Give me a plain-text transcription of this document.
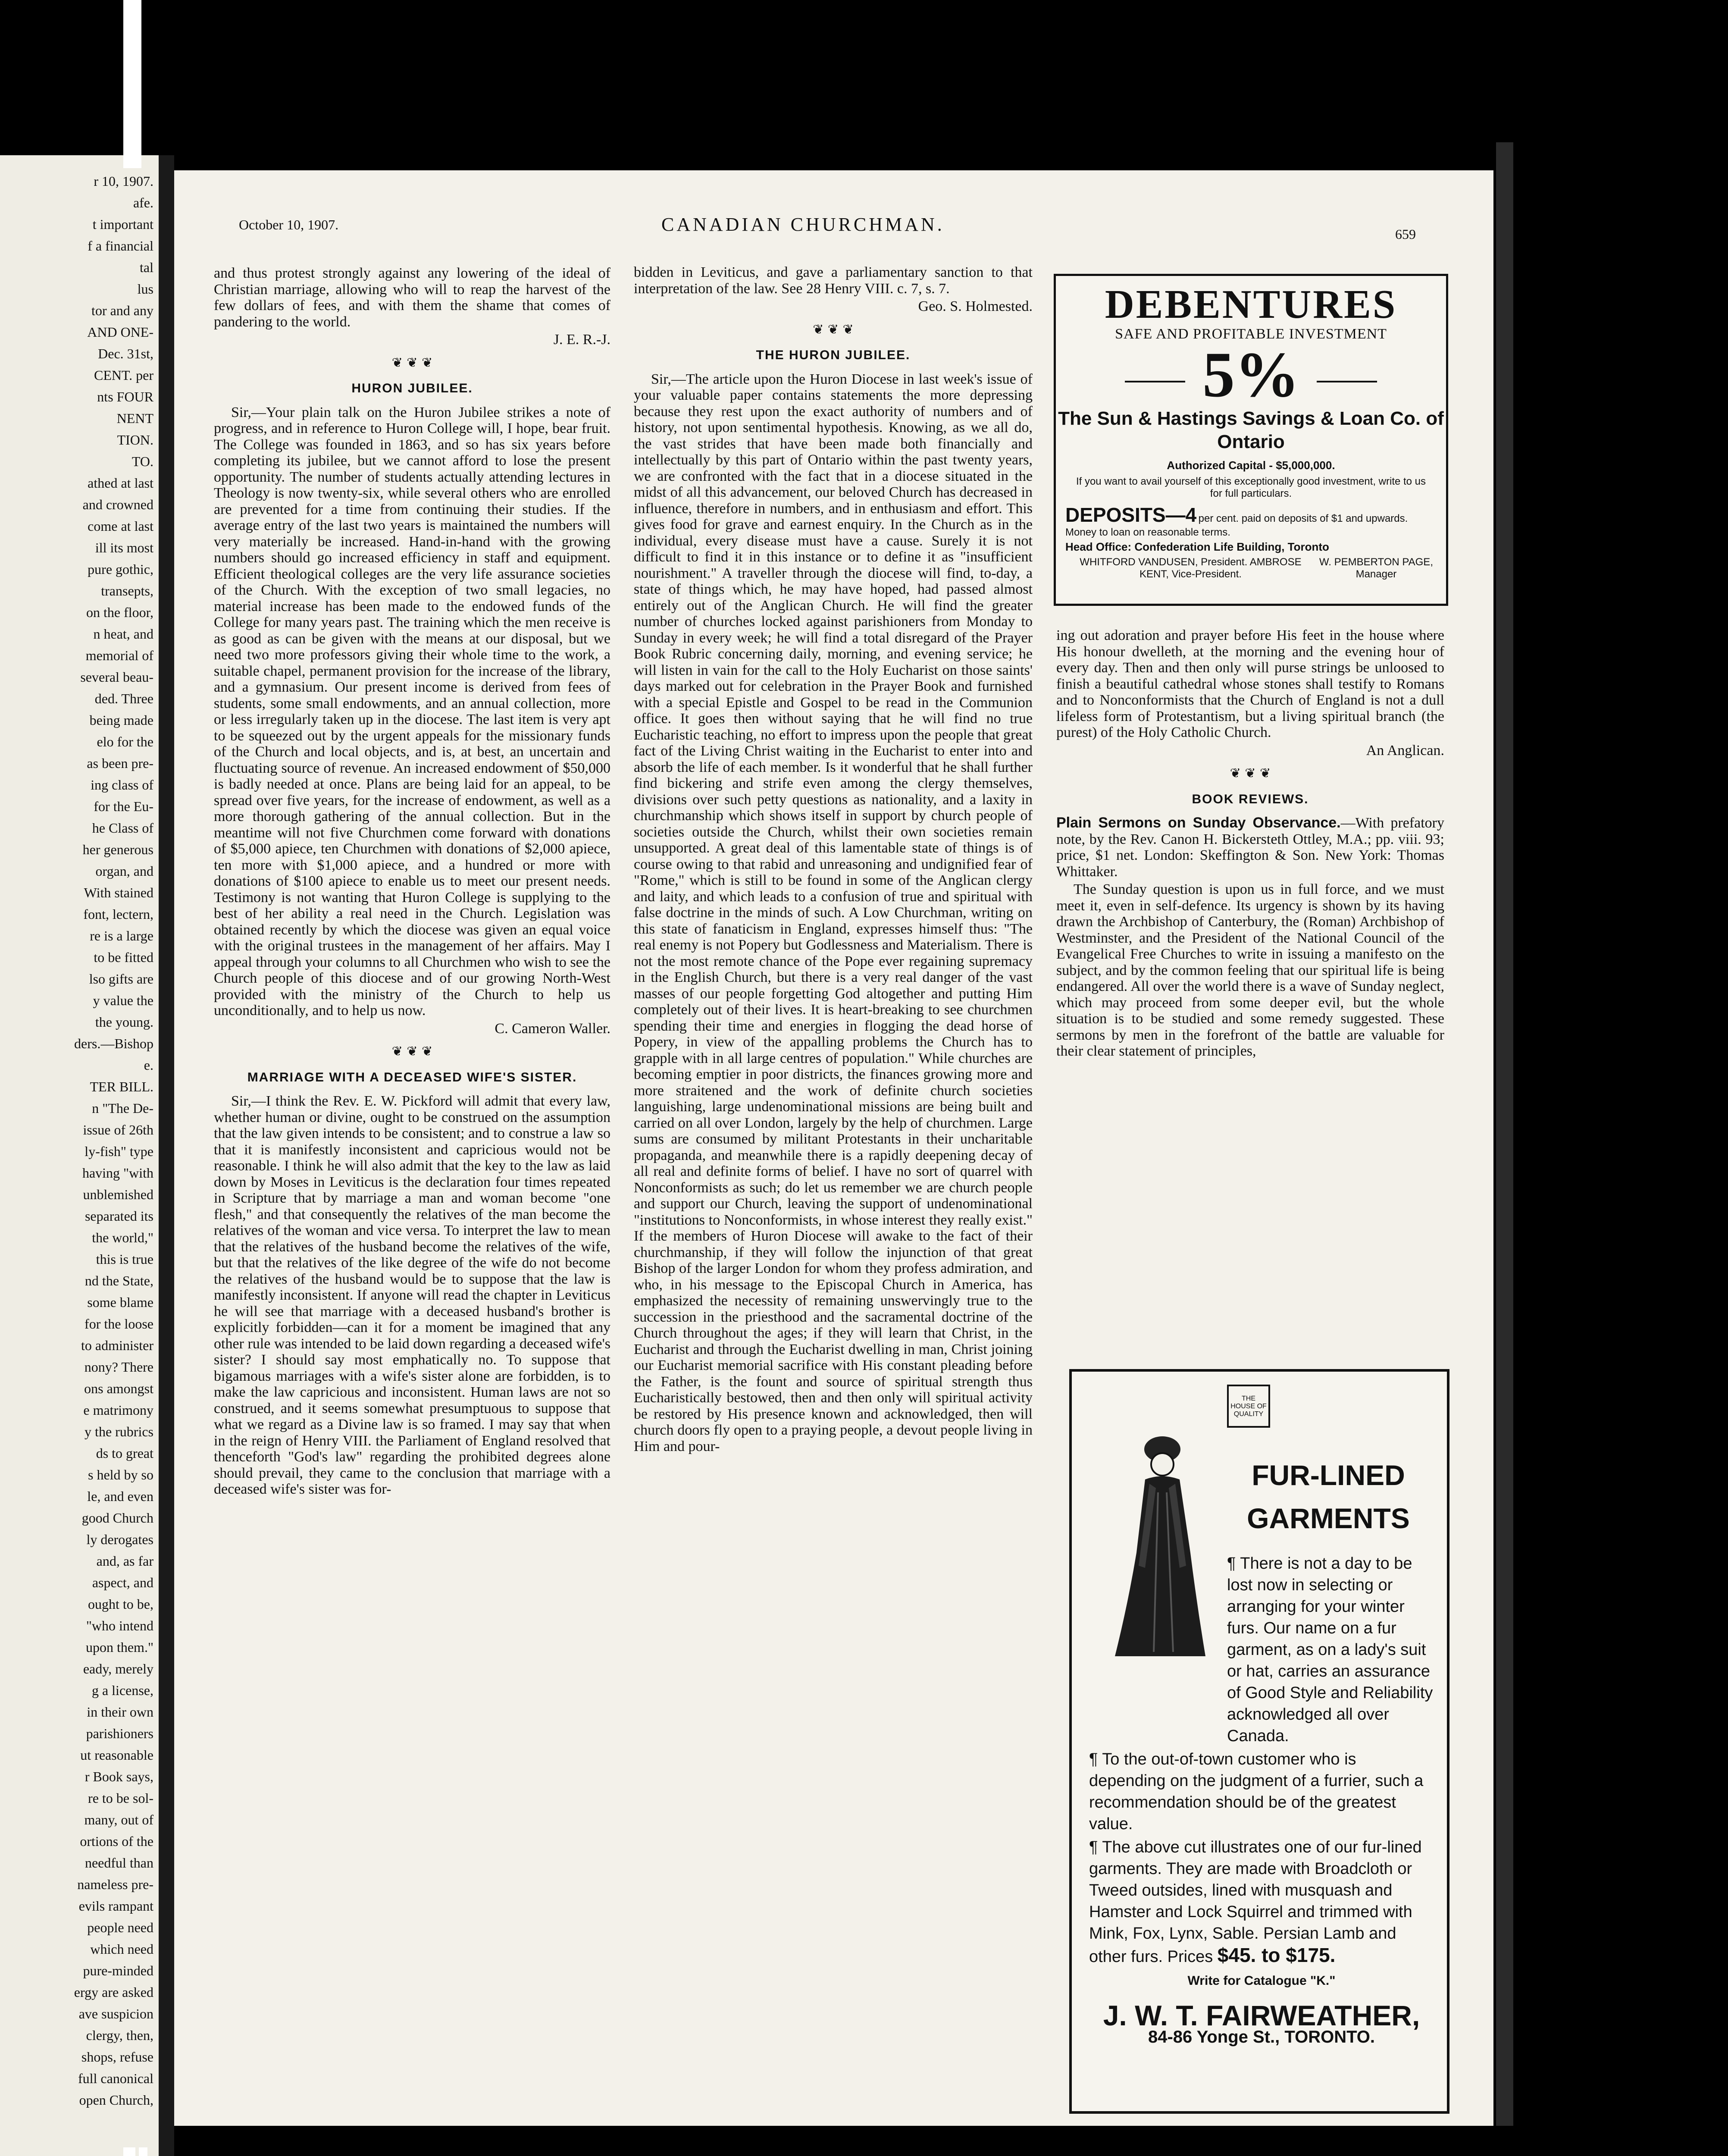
r 10, 1907.
afe.
t important
f a financial
tal
lus
tor and any
AND ONE-
Dec. 31st,
CENT. per
nts FOUR
NENT
TION.
TO.
athed at last
and crowned
come at last
ill its most
pure gothic,
transepts,
on the floor,
n heat, and
memorial of
several beau-
ded. Three
being made
elo for the
as been pre-
ing class of
for the Eu-
he Class of
her generous
organ, and
With stained
font, lectern,
re is a large
to be fitted
lso gifts are
y value the
the young.
ders.—Bishop
e.
TER BILL.
n "The De-
issue of 26th
ly-fish" type
having "with
unblemished
separated its
the world,"
this is true
nd the State,
some blame
for the loose
to administer
nony? There
ons amongst
e matrimony
y the rubrics
ds to great
s held by so
le, and even
good Church
ly derogates
and, as far
aspect, and
ought to be,
"who intend
upon them."
eady, merely
g a license,
in their own
parishioners
ut reasonable
r Book says,
re to be sol-
many, out of
ortions of the
needful than
nameless pre-
evils rampant
people need
which need
pure-minded
ergy are asked
ave suspicion
clergy, then,
shops, refuse
full canonical
open Church,
October 10, 1907.	CANADIAN CHURCHMAN.	659

and thus protest strongly against any lowering of the ideal of Christian marriage, allowing who will to reap the harvest of the few dollars of fees, and with them the shame that comes of pandering to the world.

J. E. R.-J.

❦ ❦ ❦
HURON JUBILEE.

Sir,—Your plain talk on the Huron Jubilee strikes a note of progress, and in reference to Huron College will, I hope, bear fruit. The College was founded in 1863, and so has six years before completing its jubilee, but we cannot afford to lose the present opportunity. The number of students actually attending lectures in Theology is now twenty-six, while several others who are enrolled are prevented for a time from continuing their studies. If the average entry of the last two years is maintained the numbers will very materially be increased. Hand-in-hand with the growing numbers should go increased efficiency in staff and equipment. Efficient theological colleges are the very life assurance societies of the Church. With the exception of two small legacies, no material increase has been made to the endowed funds of the College for many years past. The training which the men receive is as good as can be given with the means at our disposal, but we need two more professors giving their whole time to the work, a suitable chapel, permanent provision for the increase of the library, and a gymnasium. Our present income is derived from fees of students, some small endowments, and an annual collection, more or less irregularly taken up in the diocese. The last item is very apt to be squeezed out by the urgent appeals for the missionary funds of the Church and local objects, and is, at best, an uncertain and fluctuating source of revenue. An increased endowment of $50,000 is badly needed at once. Plans are being laid for an appeal, to be spread over five years, for the increase of endowment, as well as a more thorough gathering of the annual collection. But in the meantime will not five Churchmen come forward with donations of $5,000 apiece, ten Churchmen with donations of $2,000 apiece, ten more with $1,000 apiece, and a hundred or more with donations of $100 apiece to enable us to meet our present needs. Testimony is not wanting that Huron College is supplying to the best of her ability a real need in the Church. Legislation was obtained recently by which the diocese was given an equal voice with the original trustees in the management of her affairs. May I appeal through your columns to all Churchmen who wish to see the Church people of this diocese and of our growing North-West provided with the ministry of the Church to help us unconditionally, and to help us now.

C. Cameron Waller.

❦ ❦ ❦
MARRIAGE WITH A DECEASED WIFE'S SISTER.

Sir,—I think the Rev. E. W. Pickford will admit that every law, whether human or divine, ought to be construed on the assumption that the law given intends to be consistent; and to construe a law so that it is manifestly inconsistent and capricious would not be reasonable. I think he will also admit that the key to the law as laid down by Moses in Leviticus is the declaration four times repeated in Scripture that by marriage a man and woman become "one flesh," and that consequently the relatives of the man become the relatives of the woman and vice versa. To interpret the law to mean that the relatives of the husband become the relatives of the wife, but that the relatives of the like degree of the wife do not become the relatives of the husband would be to suppose that the law is manifestly inconsistent. If anyone will read the chapter in Leviticus he will see that marriage with a deceased husband's brother is explicitly forbidden—can it for a moment be imagined that any other rule was intended to be laid down regarding a deceased wife's sister? I should say most emphatically no. To suppose that bigamous marriages with a wife's sister alone are forbidden, is to make the law capricious and inconsistent. Human laws are not so construed, and it seems somewhat presumptuous to suppose that what we regard as a Divine law is so framed. I may say that when in the reign of Henry VIII. the Parliament of England resolved that thenceforth "God's law" regarding the prohibited degrees alone should prevail, they came to the conclusion that marriage with a deceased wife's sister was for-

bidden in Leviticus, and gave a parliamentary sanction to that interpretation of the law. See 28 Henry VIII. c. 7, s. 7.

Geo. S. Holmested.

❦ ❦ ❦
THE HURON JUBILEE.

Sir,—The article upon the Huron Diocese in last week's issue of your valuable paper contains statements the more depressing because they rest upon the exact authority of numbers and of history, not upon sentimental hypothesis. Knowing, as we all do, the vast strides that have been made both financially and intellectually by this part of Ontario within the past twenty years, we are confronted with the fact that in a diocese situated in the midst of all this advancement, our beloved Church has decreased in influence, therefore in numbers, and in enthusiasm and effort. This gives food for grave and earnest enquiry. In the Church as in the individual, every disease must have a cause. Surely it is not difficult to find it in this instance or to define it as "insufficient nourishment." A traveller through the diocese will find, to-day, a state of things which, he may have hoped, had passed almost entirely out of the Anglican Church. He will find the greater number of churches locked against parishioners from Monday to Sunday in every week; he will find a total disregard of the Prayer Book Rubric concerning daily, morning, and evening service; he will listen in vain for the call to the Holy Eucharist on those saints' days marked out for celebration in the Prayer Book and furnished with a special Epistle and Gospel to be read in the Communion office. It goes then without saying that he will find no true Eucharistic teaching, no effort to impress upon the people that great fact of the Living Christ waiting in the Eucharist to enter into and absorb the life of each member. Is it wonderful that he shall further find bickering and strife even among the clergy themselves, divisions over such petty questions as nationality, and a laxity in churchmanship which shows itself in support by church people of societies outside the Church, whilst their own societies remain unsupported. A great deal of this lamentable state of things is of course owing to that rabid and unreasoning and undignified fear of "Rome," which is still to be found in some of the Anglican clergy and laity, and which leads to a confusion of true and spiritual with false doctrine in the minds of such. A Low Churchman, writing on this state of fanaticism in England, expresses himself thus: "The real enemy is not Popery but Godlessness and Materialism. There is not the most remote chance of the Pope ever regaining supremacy in the English Church, but there is a very real danger of the vast masses of our people forgetting God altogether and putting Him completely out of their lives. It is heart-breaking to see churchmen spending their time and energies in flogging the dead horse of Popery, in view of the appalling problems the Church has to grapple with in all large centres of population." While churches are becoming emptier in poor districts, the finances growing more and more straitened and the work of definite church societies languishing, large undenominational missions are being built and carried on all over London, largely by the help of churchmen. Large sums are consumed by militant Protestants in their uncharitable propaganda, and meanwhile there is a rapidly deepening decay of all real and definite forms of belief. I have no sort of quarrel with Nonconformists as such; do let us remember we are church people and support our Church, leaving the support of undenominational "institutions to Nonconformists, in whose interest they really exist." If the members of Huron Diocese will awake to the fact of their churchmanship, if they will follow the injunction of that great Bishop of the larger London for whom they profess admiration, and who, in his message to the Episcopal Church in America, has emphasized the necessity of remaining unswervingly true to the succession in the priesthood and the sacramental doctrine of the Church throughout the ages; if they will learn that Christ, in the Eucharist and through the Eucharist dwelling in man, Christ joining our Eucharist memorial sacrifice with His constant pleading before the Father, is the fount and source of spiritual strength thus Eucharistically bestowed, then and then only will spiritual activity be restored by His presence known and acknowledged, then will church doors fly open to a praying people, a devout people living in Him and pour-

DEBENTURES
SAFE AND PROFITABLE INVESTMENT
5%
The Sun & Hastings Savings & Loan Co. of Ontario
Authorized Capital - $5,000,000.
If you want to avail yourself of this exceptionally good investment, write to us for full particulars.
DEPOSITS—4 per cent. paid on deposits of $1 and upwards. Money to loan on reasonable terms.
Head Office: Confederation Life Building, Toronto
WHITFORD VANDUSEN, President. AMBROSE KENT, Vice-President.
W. PEMBERTON PAGE, Manager

ing out adoration and prayer before His feet in the house where His honour dwelleth, at the morning and the evening hour of every day. Then and then only will purse strings be unloosed to finish a beautiful cathedral whose stones shall testify to Romans and to Nonconformists that the Church of England is not a dull lifeless form of Protestantism, but a living spiritual branch (the purest) of the Holy Catholic Church.

An Anglican.

❦ ❦ ❦
BOOK REVIEWS.

Plain Sermons on Sunday Observance.—With prefatory note, by the Rev. Canon H. Bickersteth Ottley, M.A.; pp. viii. 93; price, $1 net. London: Skeffington & Son. New York: Thomas Whittaker.

The Sunday question is upon us in full force, and we must meet it, even in self-defence. Its urgency is shown by its having drawn the Archbishop of Canterbury, the (Roman) Archbishop of Westminster, and the President of the National Council of the Evangelical Free Churches to write in issuing a manifesto on the subject, and by the common feeling that our spiritual life is being endangered. All over the world there is a wave of Sunday neglect, which may proceed from some deeper evil, but the whole situation is to be studied and some remedy suggested. These sermons by men in the forefront of the battle are valuable for their clear statement of principles,

THE HOUSE OF QUALITY
FUR-LINED GARMENTS

¶ There is not a day to be lost now in selecting or arranging for your winter furs. Our name on a fur garment, as on a lady's suit or hat, carries an assurance of Good Style and Reliability acknowledged all over Canada.

¶ To the out-of-town customer who is depending on the judgment of a furrier, such a recommendation should be of the greatest value.

¶ The above cut illustrates one of our fur-lined garments. They are made with Broadcloth or Tweed outsides, lined with musquash and Hamster and Lock Squirrel and trimmed with Mink, Fox, Lynx, Sable. Persian Lamb and other furs. Prices $45. to $175.

Write for Catalogue "K."
J. W. T. FAIRWEATHER,
84-86 Yonge St., TORONTO.
